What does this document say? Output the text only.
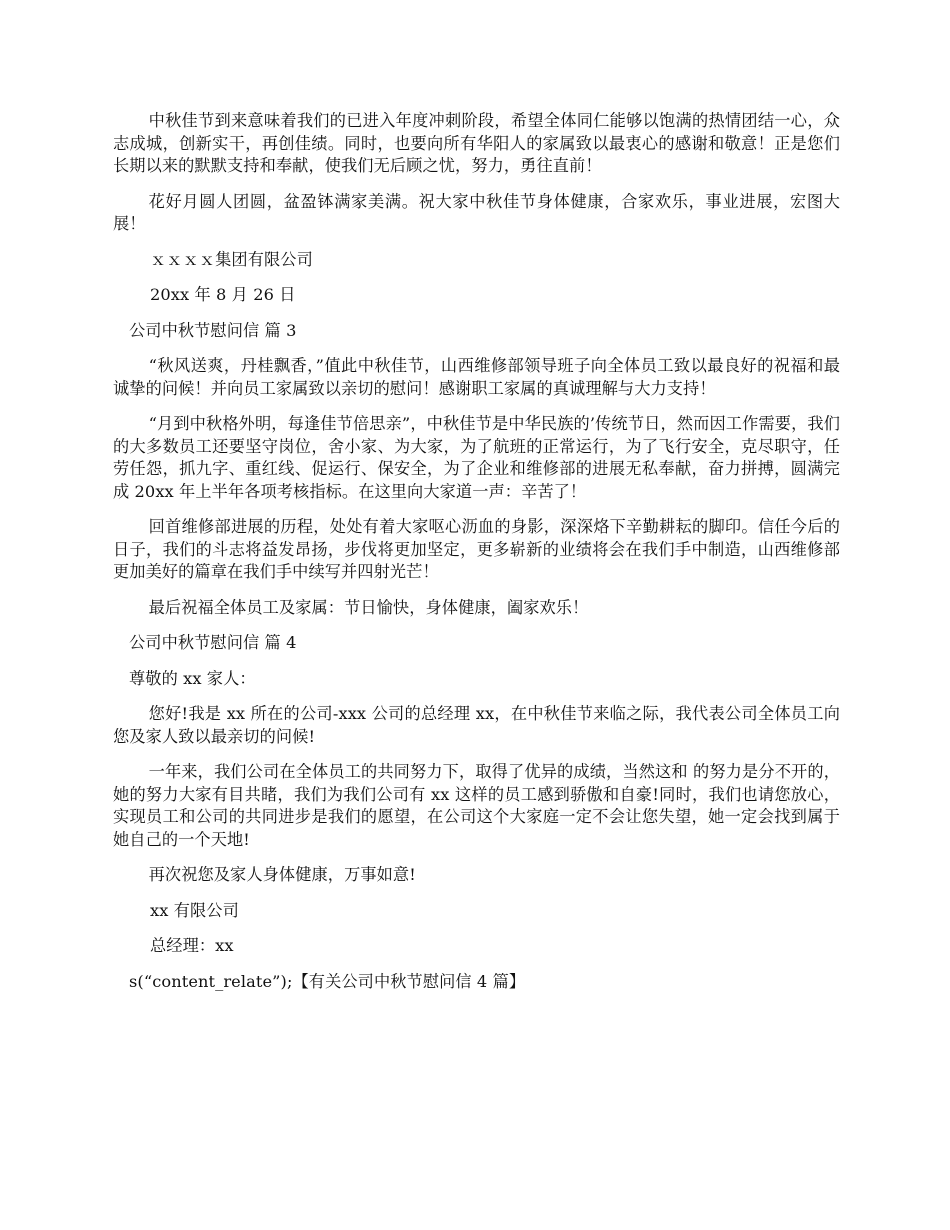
中秋佳节到来意味着我们的已进入年度冲刺阶段，希望全体同仁能够以饱满的热情团结一心，众志成城，创新实干，再创佳绩。同时，也要向所有华阳人的家属致以最衷心的感谢和敬意！正是您们长期以来的默默支持和奉献，使我们无后顾之忧，努力，勇往直前！

花好月圆人团圆，盆盈钵满家美满。祝大家中秋佳节身体健康，合家欢乐，事业进展，宏图大展！

ｘｘｘｘ集团有限公司

20xx 年 8 月 26 日

公司中秋节慰问信 篇 3

“秋风送爽，丹桂飘香，”值此中秋佳节，山西维修部领导班子向全体员工致以最良好的祝福和最诚挚的问候！并向员工家属致以亲切的慰问！感谢职工家属的真诚理解与大力支持！

“月到中秋格外明，每逢佳节倍思亲”，中秋佳节是中华民族的’传统节日，然而因工作需要，我们的大多数员工还要坚守岗位，舍小家、为大家，为了航班的正常运行，为了飞行安全，克尽职守，任劳任怨，抓九字、重红线、促运行、保安全，为了企业和维修部的进展无私奉献，奋力拼搏，圆满完成 20xx 年上半年各项考核指标。在这里向大家道一声：辛苦了！

回首维修部进展的历程，处处有着大家呕心沥血的身影，深深烙下辛勤耕耘的脚印。信任今后的日子，我们的斗志将益发昂扬，步伐将更加坚定，更多崭新的业绩将会在我们手中制造，山西维修部更加美好的篇章在我们手中续写并四射光芒！

最后祝福全体员工及家属：节日愉快，身体健康，阖家欢乐！

公司中秋节慰问信 篇 4

尊敬的 xx 家人：

您好!我是 xx 所在的公司-xxx 公司的总经理 xx，在中秋佳节来临之际，我代表公司全体员工向您及家人致以最亲切的问候!

一年来，我们公司在全体员工的共同努力下，取得了优异的成绩，当然这和 的努力是分不开的，她的努力大家有目共睹，我们为我们公司有 xx 这样的员工感到骄傲和自豪!同时，我们也请您放心，实现员工和公司的共同进步是我们的愿望，在公司这个大家庭一定不会让您失望，她一定会找到属于她自己的一个天地!

再次祝您及家人身体健康，万事如意!

xx 有限公司

总经理：xx

s(“content_relate”);【有关公司中秋节慰问信 4 篇】
